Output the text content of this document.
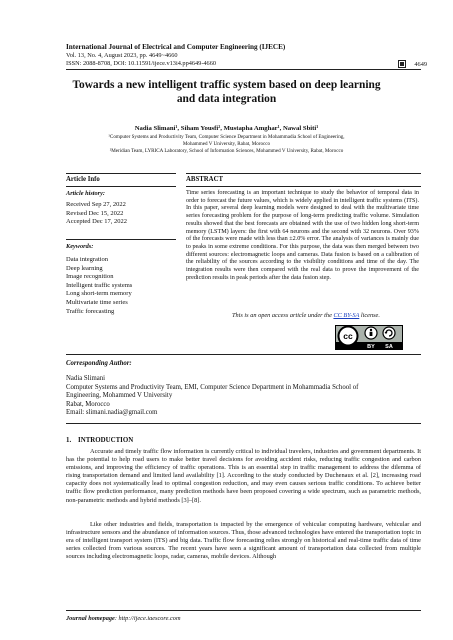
International Journal of Electrical and Computer Engineering (IJECE)
Vol. 13, No. 4, August 2023, pp. 4649~4660
ISSN: 2088-8708, DOI: 10.11591/ijece.v13i4.pp4649-4660	4649
Towards a new intelligent traffic system based on deep learning
and data integration
Nadia Slimani¹, Siham Yousfi², Mustapha Amghar¹, Nawal Sbiti¹
¹Computer Systems and Productivity Team, Computer Science Department in Mohammadia School of Engineering,
Mohammed V University, Rabat, Morocco
²Meridian Team, LYRICA Laboratory, School of Information Sciences, Mohammed V University, Rabat, Morocco
Article Info
Article history:
Received Sep 27, 2022
Revised Dec 15, 2022
Accepted Dec 17, 2022
Keywords:
Data integration
Deep learning
Image recognition
Intelligent traffic systems
Long short-term memory
Multivariate time series
Traffic forecasting
ABSTRACT
Time series forecasting is an important technique to study the behavior of temporal data in order to forecast the future values, which is widely applied in intelligent traffic systems (ITS). In this paper, several deep learning models were designed to deal with the multivariate time series forecasting problem for the purpose of long-term predicting traffic volume. Simulation results showed that the best forecasts are obtained with the use of two hidden long short-term memory (LSTM) layers: the first with 64 neurons and the second with 32 neurons. Over 93% of the forecasts were made with less than ±2.0% error. The analysis of variances is mainly due to peaks in some extreme conditions. For this purpose, the data was then merged between two different sources: electromagnetic loops and cameras. Data fusion is based on a calibration of the reliability of the sources according to the visibility conditions and time of the day. The integration results were then compared with the real data to prove the improvement of the prediction results in peak periods after the data fusion step.
This is an open access article under the CC BY-SA license.
cc
BY SA
Corresponding Author:
Nadia Slimani
Computer Systems and Productivity Team, EMI, Computer Science Department in Mohammadia School of
Engineering, Mohammed V University
Rabat, Morocco
Email: slimani.nadia@gmail.com
1.    INTRODUCTION
Accurate and timely traffic flow information is currently critical to individual travelers, industries and government departments. It has the potential to help road users to make better travel decisions for avoiding accident risks, reducing traffic congestion and carbon emissions, and improving the efficiency of traffic operations. This is an essential step in traffic management to address the dilemma of rising transportation demand and limited land availability [1]. According to the study conducted by Duchenaux et al. [2], increasing road capacity does not systematically lead to optimal congestion reduction, and may even causes serious traffic conditions. To achieve better traffic flow prediction performance, many prediction methods have been proposed covering a wide spectrum, such as parametric methods, non-parametric methods and hybrid methods [3]–[8].
Like other industries and fields, transportation is impacted by the emergence of vehicular computing hardware, vehicular and infrastructure sensors and the abundance of information sources. Thus, those advanced technologies have entered the transportation topic in era of intelligent transport system (ITS) and big data. Traffic flow forecasting relies strongly on historical and real-time traffic data of time series collected from various sources. The recent years have seen a significant amount of transportation data collected from multiple sources including electromagnetic loops, radar, cameras, mobile devices. Although
Journal homepage: http://ijece.iaescore.com
